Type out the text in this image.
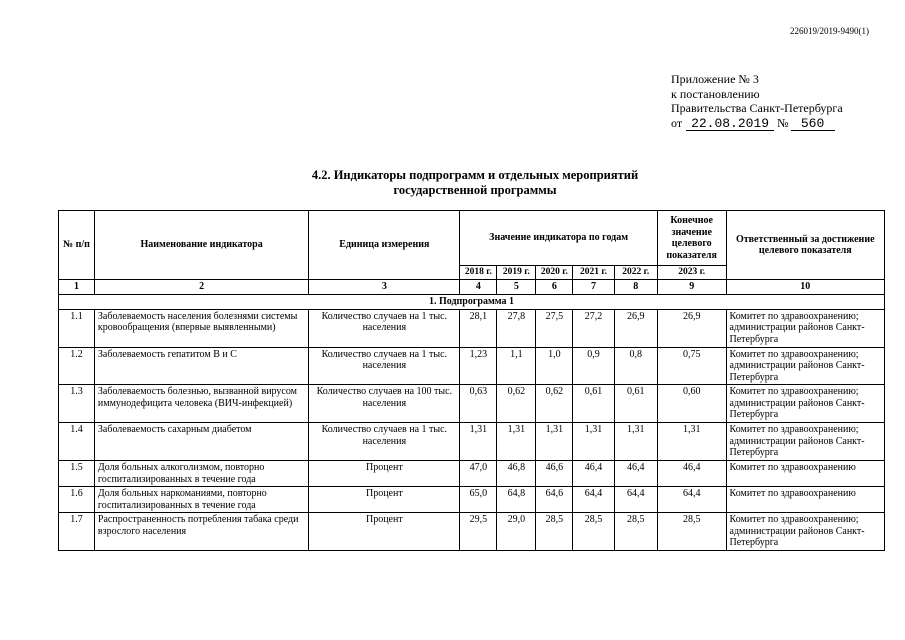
226019/2019-9490(1)
Приложение № 3
к постановлению
Правительства Санкт-Петербурга
от 22.08.2019 № 560
4.2. Индикаторы подпрограмм и отдельных мероприятий
государственной программы
№ п/п	Наименование индикатора	Единица измерения	Значение индикатора по годам					Конечное значение целевого показателя	Ответственный за достижение целевого показателя
			2018 г.	2019 г.	2020 г.	2021 г.	2022 г.	2023 г.	
1	2	3	4	5	6	7	8	9	10
1. Подпрограмма 1									
1.1	Заболеваемость населения болезнями системы кровообращения (впервые выявленными)	Количество случаев на 1 тыс. населения	28,1	27,8	27,5	27,2	26,9	26,9	Комитет по здравоохранению; администрации районов Санкт-Петербурга
1.2	Заболеваемость гепатитом В и С	Количество случаев на 1 тыс. населения	1,23	1,1	1,0	0,9	0,8	0,75	Комитет по здравоохранению; администрации районов Санкт-Петербурга
1.3	Заболеваемость болезнью, вызванной вирусом иммунодефицита человека (ВИЧ-инфекцией)	Количество случаев на 100 тыс. населения	0,63	0,62	0,62	0,61	0,61	0,60	Комитет по здравоохранению; администрации районов Санкт-Петербурга
1.4	Заболеваемость сахарным диабетом	Количество случаев на 1 тыс. населения	1,31	1,31	1,31	1,31	1,31	1,31	Комитет по здравоохранению; администрации районов Санкт-Петербурга
1.5	Доля больных алкоголизмом, повторно госпитализированных в течение года	Процент	47,0	46,8	46,6	46,4	46,4	46,4	Комитет по здравоохранению
1.6	Доля больных наркоманиями, повторно госпитализированных в течение года	Процент	65,0	64,8	64,6	64,4	64,4	64,4	Комитет по здравоохранению
1.7	Распространенность потребления табака среди взрослого населения	Процент	29,5	29,0	28,5	28,5	28,5	28,5	Комитет по здравоохранению; администрации районов Санкт-Петербурга
